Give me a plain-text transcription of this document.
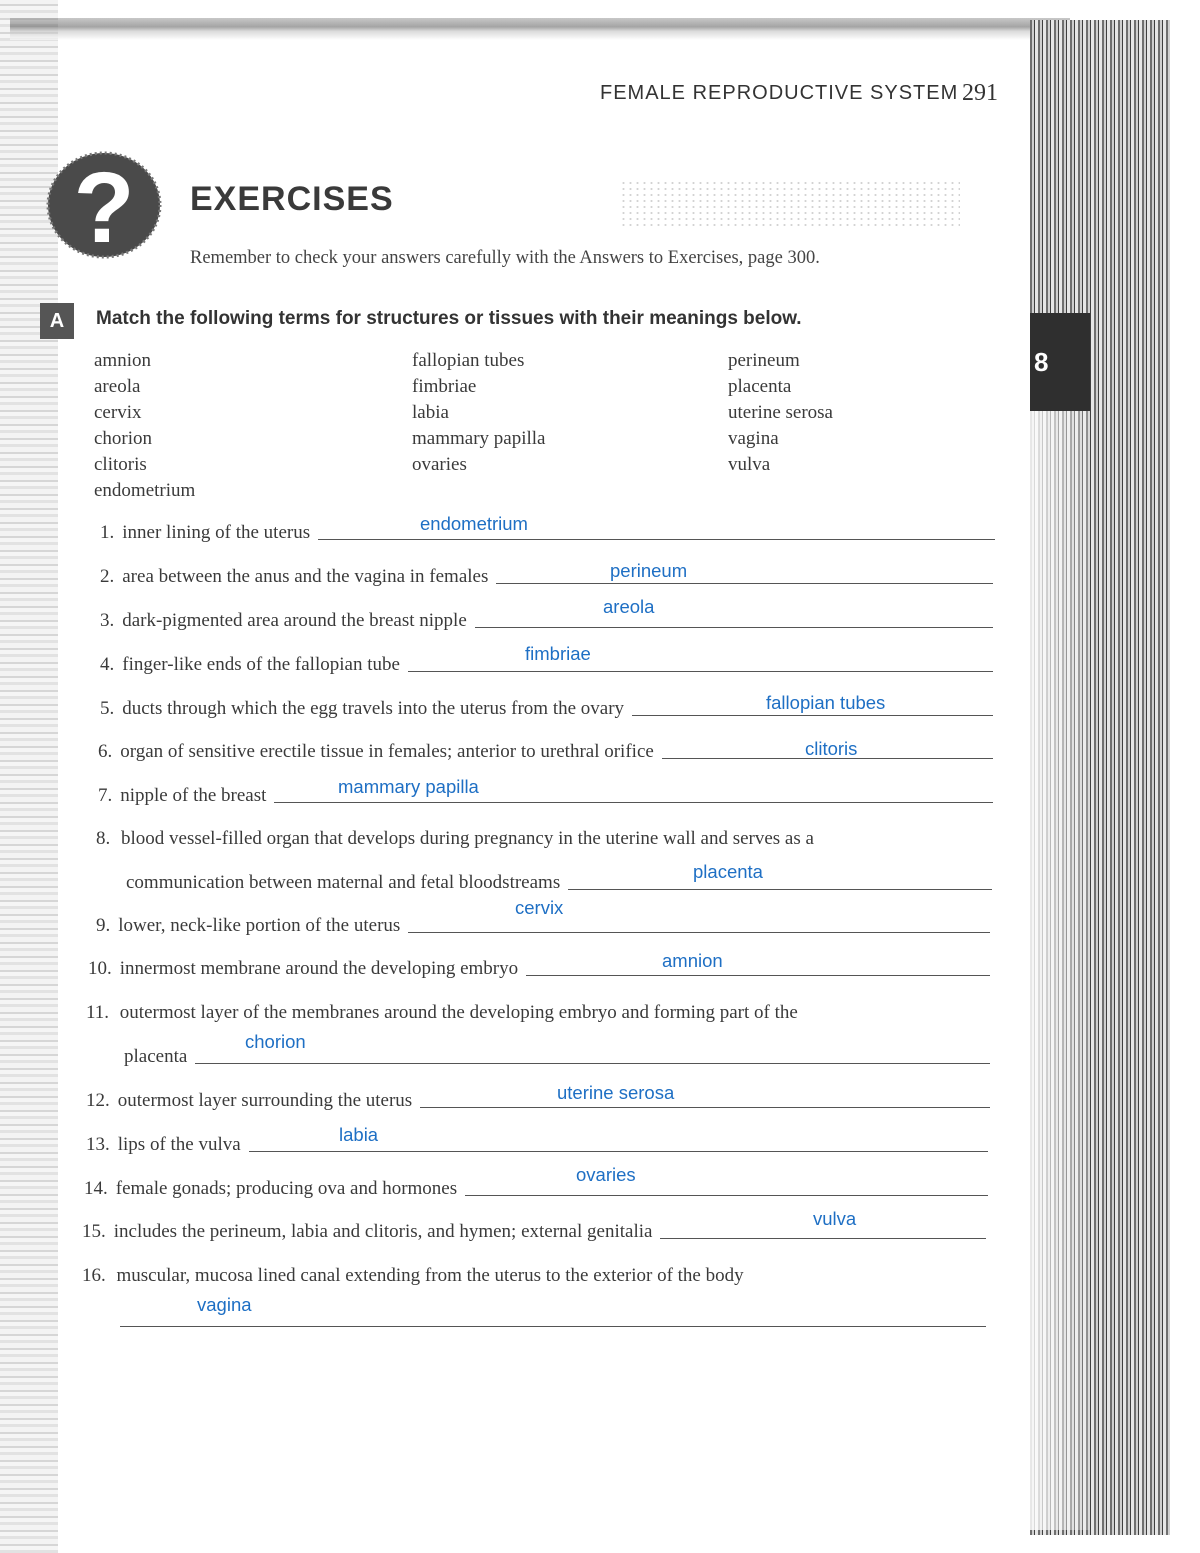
8
FEMALE REPRODUCTIVE SYSTEM 291
? EXERCISES
Remember to check your answers carefully with the Answers to Exercises, page 300.
A	Match the following terms for structures or tissues with their meanings below.
amnion
areola
cervix
chorion
clitoris
endometrium
fallopian tubes
fimbriae
labia
mammary papilla
ovaries
perineum
placenta
uterine serosa
vagina
vulva
1. inner lining of the uterus	endometrium
2. area between the anus and the vagina in females	perineum
3. dark-pigmented area around the breast nipple
areola
4. finger-like ends of the fallopian tube
fimbriae
5. ducts through which the egg travels into the uterus from the ovary	fallopian tubes
6. organ of sensitive erectile tissue in females; anterior to urethral orifice	clitoris
7. nipple of the breast	mammary papilla
8. blood vessel-filled organ that develops during pregnancy in the uterine wall and serves as a
communication between maternal and fetal bloodstreams
placenta
9. lower, neck-like portion of the uterus
cervix
10. innermost membrane around the developing embryo	amnion
11. outermost layer of the membranes around the developing embryo and forming part of the
placenta
chorion
12. outermost layer surrounding the uterus	uterine serosa
13. lips of the vulva	labia
14. female gonads; producing ova and hormones
ovaries
15. includes the perineum, labia and clitoris, and hymen; external genitalia
vulva
16. muscular, mucosa lined canal extending from the uterus to the exterior of the body
vagina
